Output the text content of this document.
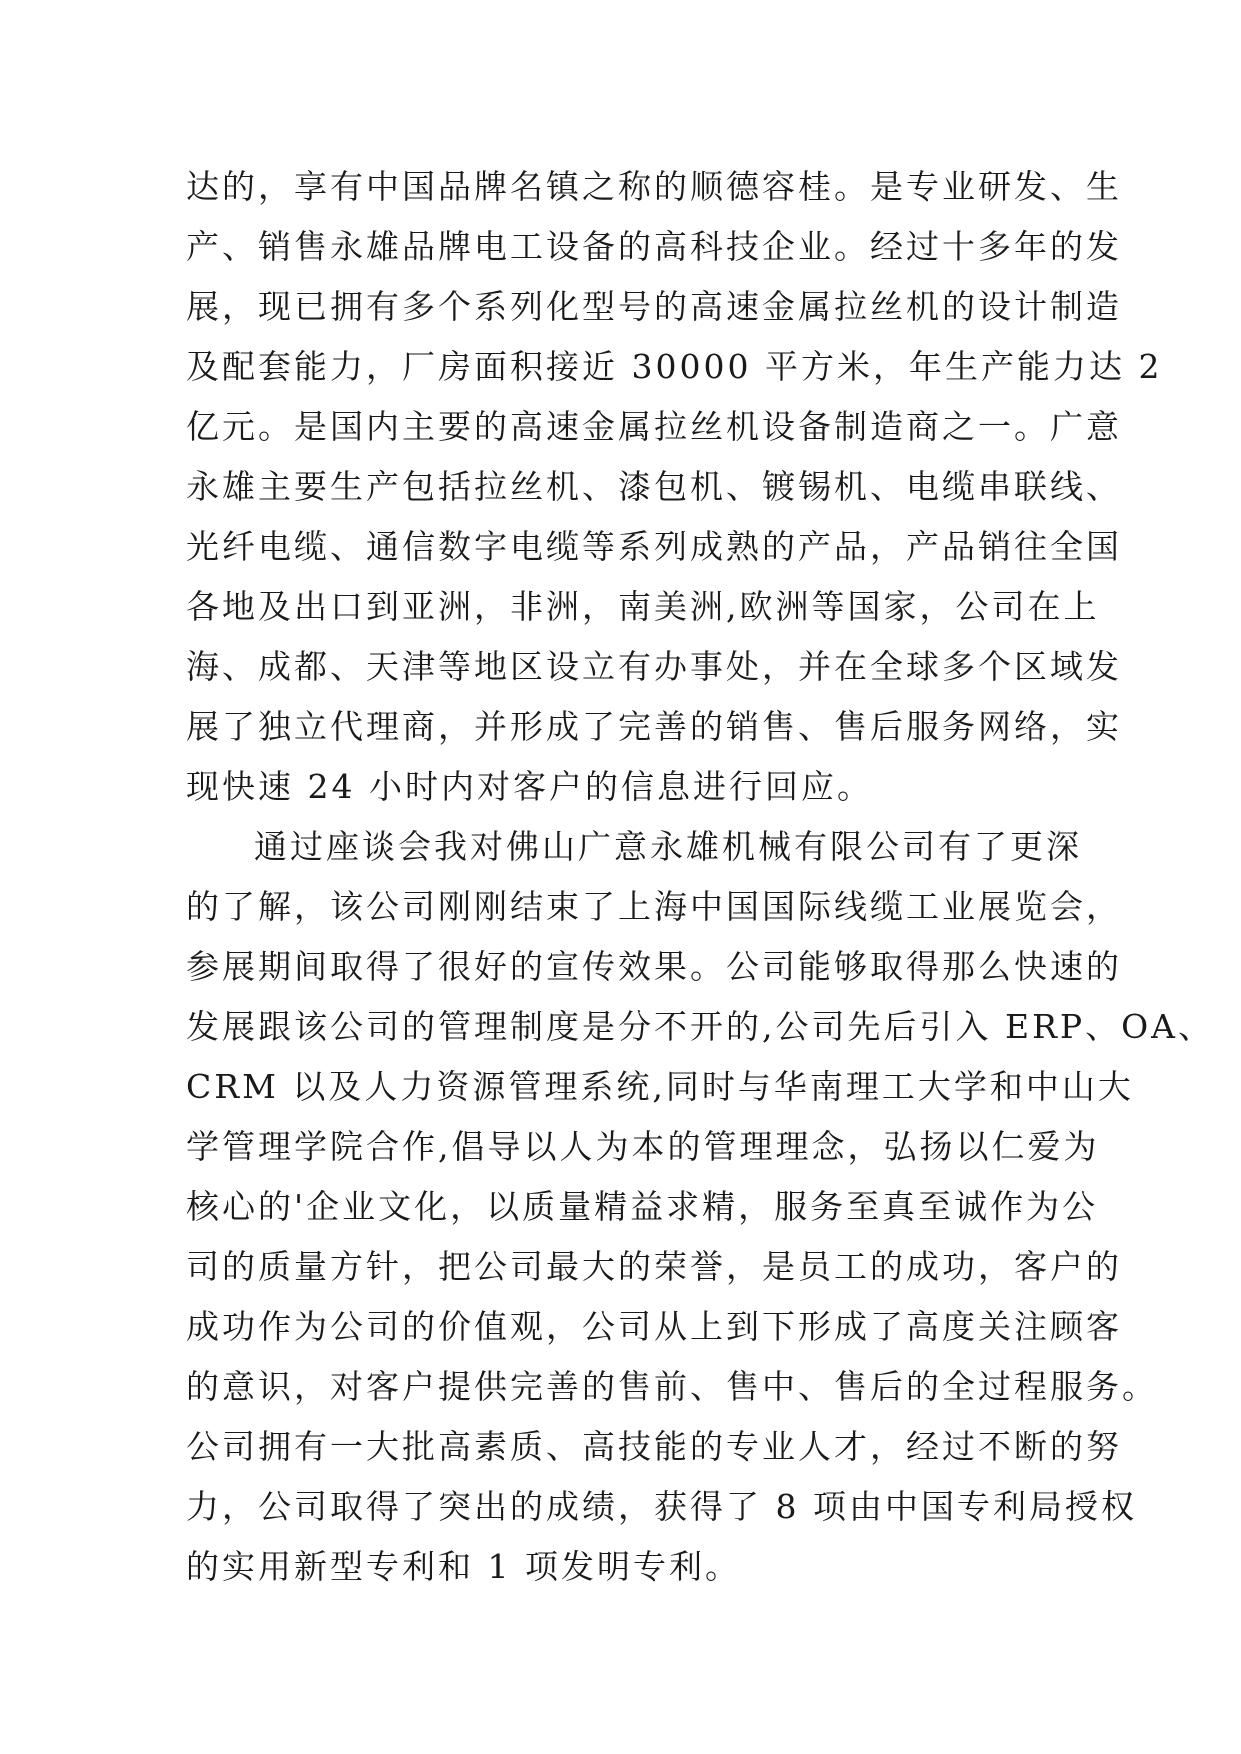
达的，享有中国品牌名镇之称的顺德容桂。是专业研发、生
产、销售永雄品牌电工设备的高科技企业。经过十多年的发
展，现已拥有多个系列化型号的高速金属拉丝机的设计制造
及配套能力，厂房面积接近 30000 平方米，年生产能力达 2
亿元。是国内主要的高速金属拉丝机设备制造商之一。广意
永雄主要生产包括拉丝机、漆包机、镀锡机、电缆串联线、
光纤电缆、通信数字电缆等系列成熟的产品，产品销往全国
各地及出口到亚洲，非洲，南美洲,欧洲等国家，公司在上
海、成都、天津等地区设立有办事处，并在全球多个区域发
展了独立代理商，并形成了完善的销售、售后服务网络，实
现快速 24 小时内对客户的信息进行回应。
通过座谈会我对佛山广意永雄机械有限公司有了更深
的了解，该公司刚刚结束了上海中国国际线缆工业展览会，
参展期间取得了很好的宣传效果。公司能够取得那么快速的
发展跟该公司的管理制度是分不开的,公司先后引入 ERP、OA、
CRM 以及人力资源管理系统,同时与华南理工大学和中山大
学管理学院合作,倡导以人为本的管理理念，弘扬以仁爱为
核心的'企业文化，以质量精益求精，服务至真至诚作为公
司的质量方针，把公司最大的荣誉，是员工的成功，客户的
成功作为公司的价值观，公司从上到下形成了高度关注顾客
的意识，对客户提供完善的售前、售中、售后的全过程服务。
公司拥有一大批高素质、高技能的专业人才，经过不断的努
力，公司取得了突出的成绩，获得了 8 项由中国专利局授权
的实用新型专利和 1 项发明专利。
